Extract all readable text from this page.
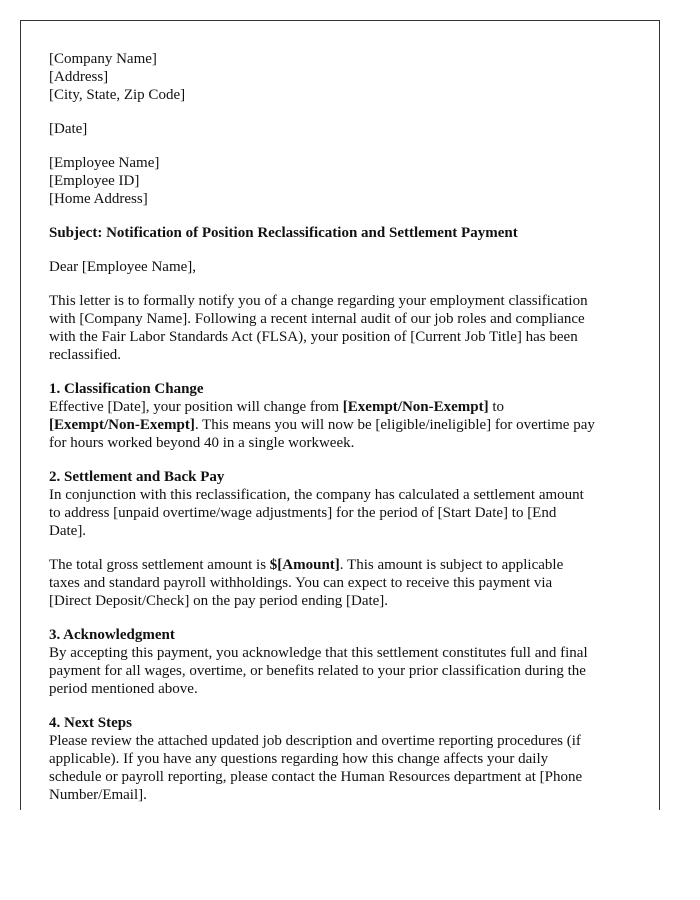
[Company Name]
[Address]
[City, State, Zip Code]
[Date]
[Employee Name]
[Employee ID]
[Home Address]
Subject: Notification of Position Reclassification and Settlement Payment
Dear [Employee Name],
This letter is to formally notify you of a change regarding your employment classification
with [Company Name]. Following a recent internal audit of our job roles and compliance
with the Fair Labor Standards Act (FLSA), your position of [Current Job Title] has been
reclassified.
1. Classification Change
Effective [Date], your position will change from [Exempt/Non-Exempt] to
[Exempt/Non-Exempt]. This means you will now be [eligible/ineligible] for overtime pay
for hours worked beyond 40 in a single workweek.
2. Settlement and Back Pay
In conjunction with this reclassification, the company has calculated a settlement amount
to address [unpaid overtime/wage adjustments] for the period of [Start Date] to [End
Date].
The total gross settlement amount is $[Amount]. This amount is subject to applicable
taxes and standard payroll withholdings. You can expect to receive this payment via
[Direct Deposit/Check] on the pay period ending [Date].
3. Acknowledgment
By accepting this payment, you acknowledge that this settlement constitutes full and final
payment for all wages, overtime, or benefits related to your prior classification during the
period mentioned above.
4. Next Steps
Please review the attached updated job description and overtime reporting procedures (if
applicable). If you have any questions regarding how this change affects your daily
schedule or payroll reporting, please contact the Human Resources department at [Phone
Number/Email].
